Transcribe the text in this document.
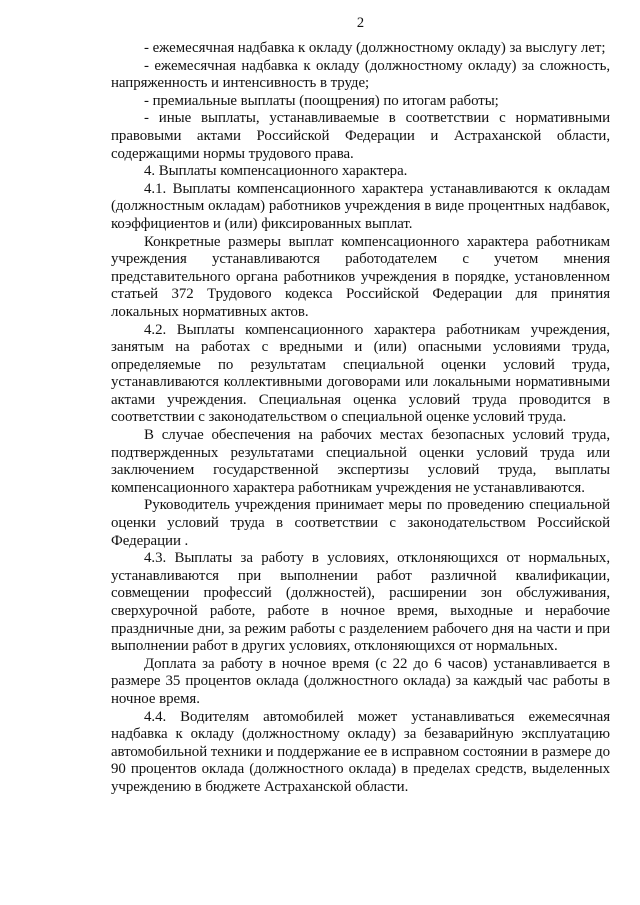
2

- ежемесячная надбавка к окладу (должностному окладу) за выслугу лет;

- ежемесячная надбавка к окладу (должностному окладу) за сложность, напряженность и интенсивность в труде;

- премиальные выплаты (поощрения) по итогам работы;

- иные выплаты, устанавливаемые в соответствии с нормативными правовыми актами Российской Федерации и Астраханской области, содержащими нормы трудового права.

4. Выплаты компенсационного характера.

4.1. Выплаты компенсационного характера устанавливаются к окладам (должностным окладам) работников учреждения в виде процентных надбавок, коэффициентов и (или) фиксированных выплат.

Конкретные размеры выплат компенсационного характера работникам учреждения устанавливаются работодателем с учетом мнения представительного органа работников учреждения в порядке, установленном статьей 372 Трудового кодекса Российской Федерации для принятия локальных нормативных актов.

4.2. Выплаты компенсационного характера работникам учреждения, занятым на работах с вредными и (или) опасными условиями труда, определяемые по результатам специальной оценки условий труда, устанавливаются коллективными договорами или локальными нормативными актами учреждения. Специальная оценка условий труда проводится в соответствии с законодательством о специальной оценке условий труда.

В случае обеспечения на рабочих местах безопасных условий труда, подтвержденных результатами специальной оценки условий труда или заключением государственной экспертизы условий труда, выплаты компенсационного характера работникам учреждения не устанавливаются.

Руководитель учреждения принимает меры по проведению специальной оценки условий труда в соответствии с законодательством Российской Федерации .

4.3. Выплаты за работу в условиях, отклоняющихся от нормальных, устанавливаются при выполнении работ различной квалификации, совмещении профессий (должностей), расширении зон обслуживания, сверхурочной работе, работе в ночное время, выходные и нерабочие праздничные дни, за режим работы с разделением рабочего дня на части и при выполнении работ в других условиях, отклоняющихся от нормальных.

Доплата за работу в ночное время (с 22 до 6 часов) устанавливается в размере 35 процентов оклада (должностного оклада) за каждый час работы в ночное время.

4.4. Водителям автомобилей может устанавливаться ежемесячная надбавка к окладу (должностному окладу) за безаварийную эксплуатацию автомобильной техники и поддержание ее в исправном состоянии в размере до 90 процентов оклада (должностного оклада) в пределах средств, выделенных учреждению в бюджете Астраханской области.
